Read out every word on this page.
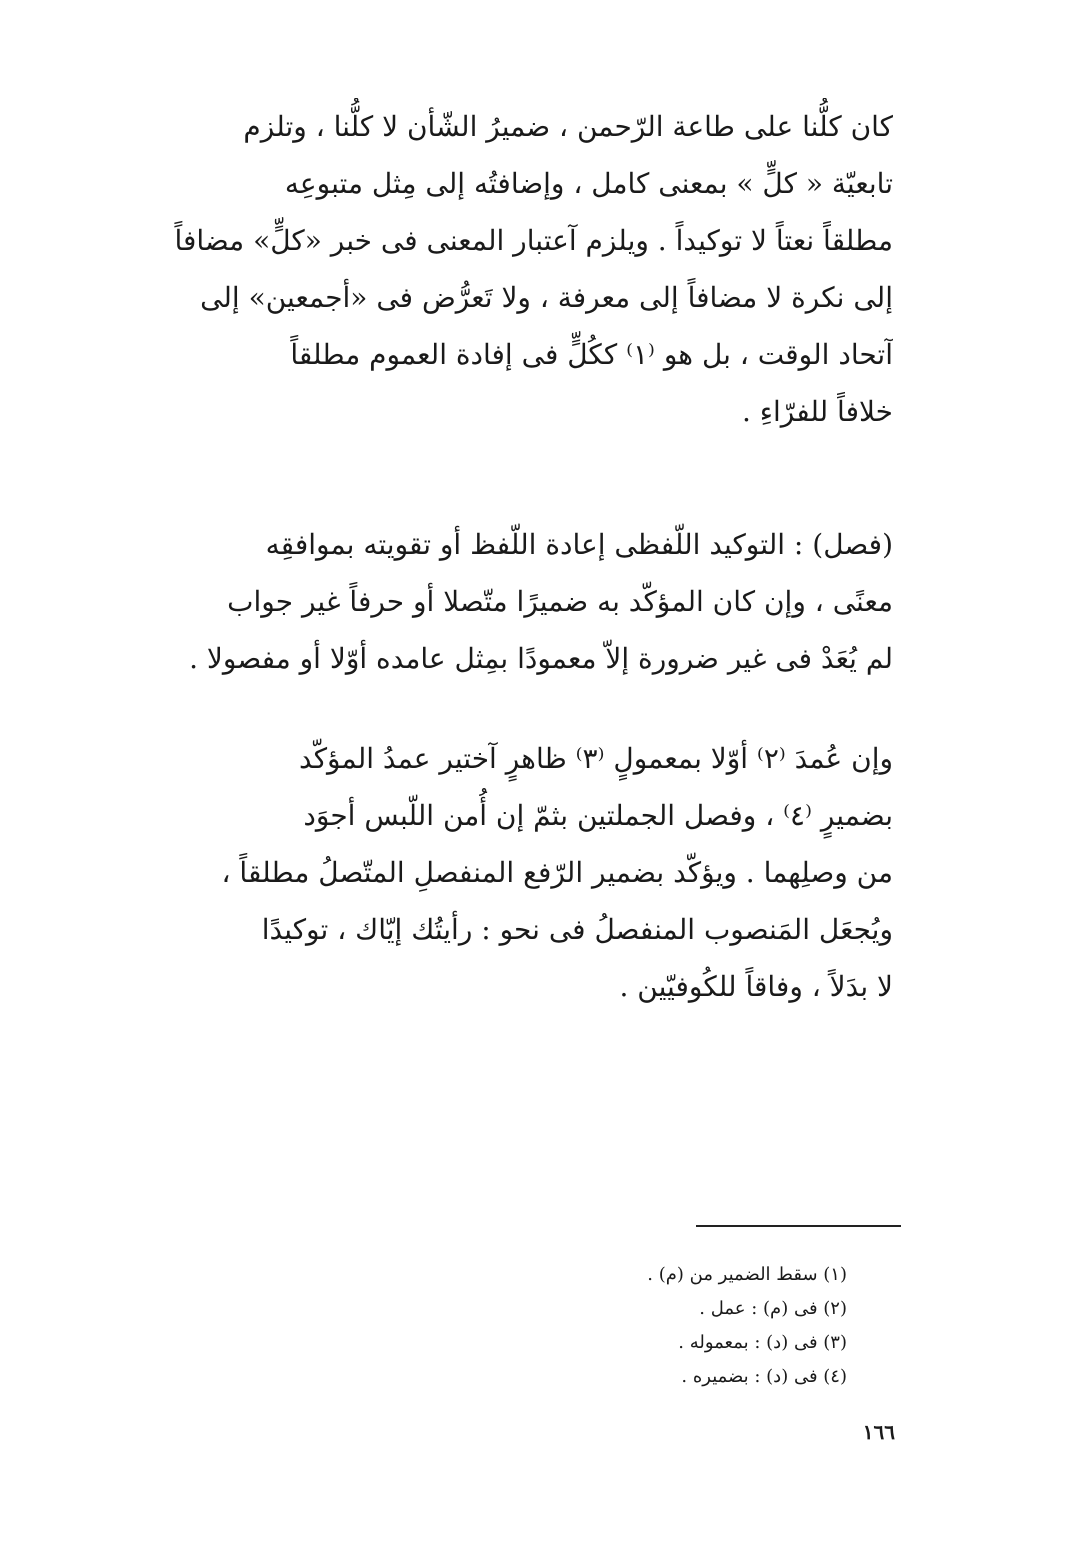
كان كلُّنا على طاعة الرّحمن ، ضميرُ الشّأن لا كلُّنا ، وتلزم
تابعيّة « كلٍّ » بمعنى كامل ، وإضافتُه إلى مِثل متبوعِه
مطلقاً نعتاً لا توكيداً . ويلزم آعتبار المعنى فى خبر «كلٍّ» مضافاً
إلى نكرة لا مضافاً إلى معرفة ، ولا تَعرُّض فى «أجمعين» إلى
آتحاد الوقت ، بل هو ⁽١⁾ ككُلٍّ فى إفادة العموم مطلقاً
خلافاً للفرّاءِ .
(فصل) : التوكيد اللّفظى إعادة اللّفظ أو تقويته بموافقِه
معنًى ، وإن كان المؤكّد به ضميرًا متّصلا أو حرفاً غير جواب
لم يُعَدْ فى غير ضرورة إلاّ معمودًا بمِثل عامده أوّلا أو مفصولا .
وإن عُمدَ ⁽٢⁾ أوّلا بمعمولٍ ⁽٣⁾ ظاهرٍ آختير عمدُ المؤكّد
بضميرٍ ⁽٤⁾ ، وفصل الجملتين بثمّ إن أُمن اللّبس أجوَد
من وصلِهما . ويؤكّد بضمير الرّفع المنفصلِ المتّصلُ مطلقاً ،
ويُجعَل المَنصوب المنفصلُ فى نحو : رأيتُك إيّاك ، توكيدًا
لا بدَلاً ، وفاقاً للكُوفيّين .
(١) سقط الضمير من (م) .
(٢) فى (م) : عمل .
(٣) فى (د) : بمعموله .
(٤) فى (د) : بضميره .
١٦٦
